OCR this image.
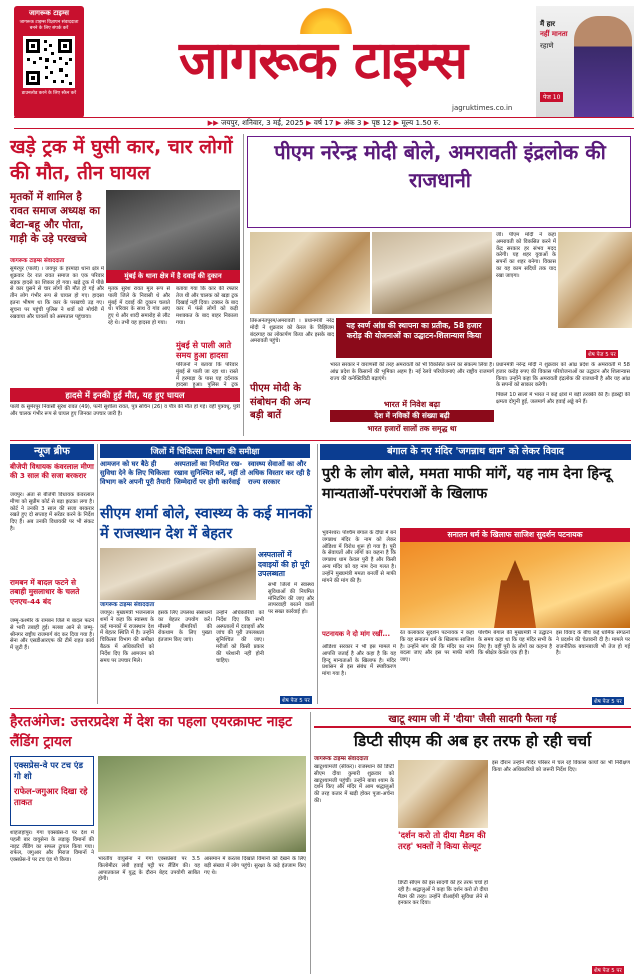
जागरूक टाइम्स
जागरूक टाइम्स विज्ञापन संवाददाता बनने के लिए संपर्क करें
डाउनलोड करने के लिए स्कैन करें
जागरूक टाइम्स
jagruktimes.co.in
मैं हार
नहीं मानता
रहाणे
पेज 10
▶▶ जयपुर, शनिवार, 3 मई, 2025 ▶ वर्ष 17 ▶ अंक 3 ▶ पृष्ठ 12 ▶ मूल्य 1.50 रु.
खड़े ट्रक में घुसी कार, चार लोगों की मौत, तीन घायल
मृतकों में शामिल है रावत समाज अध्यक्ष का बेटा-बहू और पोता, गाड़ी के उड़े परखच्चे
मुंबई के थाना क्षेत्र में है दवाई की दुकान
जागरूक टाइम्स संवाददाता
सुमेरपुर (पाली) । जयपुर के हरमाड़ा थाना क्षेत्र में शुक्रवार देर रात रावत समाज का एक परिवार सड़क हादसे का शिकार हो गया। खड़े ट्रक में पीछे से कार घुसने से चार लोगों की मौत हो गई और तीन लोग गंभीर रूप से घायल हो गए। हादसा इतना भीषण था कि कार के परखच्चे उड़ गए। सूचना पर पहुंची पुलिस ने शवों को मोर्चरी में रखवाया और घायलों को अस्पताल पहुंचाया।
मृतक सुरेश रावत मूल रूप से पाली जिले के निवासी थे और मुंबई में दवाई की दुकान चलाते थे। परिवार के साथ वे गांव आए हुए थे और शादी समारोह से लौट रहे थे। तभी यह हादसा हो गया।
बताया गया कि कार की रफ्तार तेज थी और चालक को खड़ा ट्रक दिखाई नहीं दिया। टक्कर के बाद कार में फंसे लोगों को कड़ी मशक्कत के बाद बाहर निकाला गया।
मुंबई से पाली आते समय हुआ हादसा
परिजनों ने बताया कि परिवार मुंबई से पाली जा रहा था। रास्ते में हरमाड़ा के पास यह दर्दनाक हादसा हुआ। पुलिस ने ट्रक
हादसे में इनकी हुई मौत, यह हुए घायल
पाली के सुमेरपुर निवासी सुरेश रावत (49), पत्नी सुशीला रावत, पुत्र सचिन (26) व पौत्र की मौत हो गई। वहीं पुत्रवधू, पुत्री और चालक गंभीर रूप से घायल हुए जिनका उपचार जारी है।
पीएम नरेन्द्र मोदी बोले, अमरावती इंद्रलोक की राजधानी
जी। पीएम मोदी ने कहा अमरावती को विकसित करने में केंद्र सरकार हर संभव मदद करेगी। यह शहर युवाओं के सपनों का शहर बनेगा। विकास का यह काम सदियों तक याद रखा जाएगा।
तिरुअनंतपुरम/अमरावती । प्रधानमंत्री नरेंद्र मोदी ने शुक्रवार को केरल के विझिंजम बंदरगाह का लोकार्पण किया और इसके बाद अमरावती पहुंचे।
यह स्वर्ण आंध्र की स्थापना का प्रतीक, 58 हजार करोड़ की योजनाओं का उद्घाटन-शिलान्यास किया
पीएम मोदी के संबोधन की अन्य बड़ी बातें
भारत सरकार ने वाराणसी की तरह अमरावती को भी विकसित करने का संकल्प लिया है। आंध्र प्रदेश के किसानों की भूमिका अहम है। नई रेलवे परियोजनाएं और राष्ट्रीय राजमार्ग राज्य की कनेक्टिविटी बढ़ाएंगे।
प्रधानमंत्री नरेन्द्र मोदी ने शुक्रवार को आंध्र प्रदेश के अमरावती में 58 हजार करोड़ रुपए की विकास परियोजनाओं का उद्घाटन और शिलान्यास किया। उन्होंने कहा कि अमरावती इंद्रलोक की राजधानी है और यह आंध्र के सपनों को साकार करेगी।
शेष पेज 5 पर
भारत में निवेश बढ़ा
देश में नविकों की संख्या बढ़ी
भारत हजारों सालों तक समृद्ध था
पिछले 10 सालों में भारत ने कई क्षेत्रों में बड़ी तरक्की की है। इंडस्ट्री की क्षमता दोगुनी हुई, जलमार्ग और हवाई अड्डे बने हैं।
न्यूज ब्रीफ
बीजेपी विधायक कंवरलाल मीणा की 3 साल की सजा बरकरार
जयपुर। अंता से बीजेपी विधायक कंवरलाल मीणा को सुप्रीम कोर्ट से बड़ा झटका लगा है। कोर्ट ने उनकी 3 साल की सजा बरकरार रखते हुए दो सप्ताह में सरेंडर करने के निर्देश दिए हैं। अब उनकी विधायकी पर भी संकट है।
रामबन में बादल फटने से तबाही मुसलाधार के चलते एनएच-44 बंद
जम्मू-कश्मीर के रामबन जिले में बादल फटने से भारी तबाही हुई। मलबा आने से जम्मू-श्रीनगर राष्ट्रीय राजमार्ग बंद कर दिया गया है। सेना और एसडीआरएफ की टीमें राहत कार्य में जुटी हैं।
जिलों में चिकित्सा विभाग की समीक्षा
आमजन को घर बैठे ही सुविधा देने के लिए चिकित्सा विभाग करे अपनी पूरी तैयारी
अस्पतालों का नियमित रख-रखाव सुनिश्चित करें, नहीं तो जिम्मेदारों पर होगी कार्रवाई
स्वास्थ्य सेवाओं का और अधिक विस्तार कर रही है राज्य सरकार
सीएम शर्मा बोले, स्वास्थ्य के कई मानकों में राजस्थान देश में बेहतर
जागरूक टाइम्स संवाददाता
जयपुर। मुख्यमंत्री भजनलाल शर्मा ने कहा कि स्वास्थ्य के कई मानकों में राजस्थान देश में बेहतर स्थिति में है। उन्होंने चिकित्सा विभाग की समीक्षा बैठक में अधिकारियों को निर्देश दिए कि आमजन को समय पर उपचार मिले।
इसके लिए उपलब्ध संसाधनों का बेहतर उपयोग करें। मौसमी बीमारियों की रोकथाम के लिए पुख्ता इंतजाम किए जाएं।
अस्पतालों में दवाइयों की हो पूरी उपलब्धता
उन्होंने अधिकारियों को निर्देश दिए कि सभी अस्पतालों में दवाइयों और जांच की पूरी उपलब्धता सुनिश्चित की जाए। मरीजों को किसी प्रकार की परेशानी नहीं होनी चाहिए।
सभी जिलों में स्वास्थ्य सुविधाओं की नियमित मॉनिटरिंग की जाए और लापरवाही बरतने वालों पर सख्त कार्रवाई हो।
शेष पेज 5 पर
बंगाल के नए मंदिर 'जगन्नाथ धाम' को लेकर विवाद
पुरी के लोग बोले, ममता माफी मांगें, यह नाम देना हिन्दू मान्यताओं-परंपराओं के खिलाफ
भुवनेश्वर। पश्चिम बंगाल के दीघा में बने जगन्नाथ मंदिर के नाम को लेकर ओडिशा में विरोध शुरू हो गया है। पुरी के सेवायतों और लोगों का कहना है कि जगन्नाथ धाम केवल पुरी है और किसी अन्य मंदिर को यह नाम देना गलत है। उन्होंने मुख्यमंत्री ममता बनर्जी से माफी मांगने की मांग की है।
ओडिशा सरकार ने भी इस मामले में आपत्ति जताई है और कहा है कि यह हिन्दू मान्यताओं के खिलाफ है। मंदिर प्रशासन से इस संबंध में स्पष्टीकरण मांगा गया है।
सनातन धर्म के खिलाफ साजिश सुदर्शन पटनायक
पटनायक ने दो मांग रखीं...	रेत कलाकार सुदर्शन पटनायक ने कहा कि यह सनातन धर्म के खिलाफ साजिश है। उन्होंने मांग की कि मंदिर का नाम बदला जाए और इस पर माफी मांगी जाए।
पश्चिम बंगाल की मुख्यमंत्री ने उद्घाटन के समय कहा था कि यह मंदिर सभी के लिए है। वहीं पुरी के लोगों का कहना है कि श्रीक्षेत्र केवल एक ही है।
इस विवाद के बीच कई धार्मिक संगठनों ने प्रदर्शन की चेतावनी दी है। मामले पर राजनीतिक बयानबाजी भी तेज हो गई है।
शेष पेज 5 पर
हैरतअंगेज: उत्तरप्रदेश में देश का पहला एयरक्राफ्ट नाइट लैंडिंग ट्रायल
एक्सप्रेस-वे पर टच एंड गो शो
राफेल-जगुआर दिखा रहे ताकत
शाहजहांपुर। गंगा एक्सप्रेस-वे पर देश में पहली बार वायुसेना के लड़ाकू विमानों की नाइट लैंडिंग का सफल ट्रायल किया गया। राफेल, जगुआर और मिराज विमानों ने एक्सप्रेस-वे पर टच एंड गो किया।	भारतीय वायुसेना ने गंगा एक्सप्रेसवे पर 3.5 किलोमीटर लंबी हवाई पट्टी पर लैंडिंग की। यह आपातकाल में युद्ध के दौरान बेहद उपयोगी साबित होगी।
आसमान में करतब दिखाते विमानों को देखने के लिए बड़ी संख्या में लोग पहुंचे। सुरक्षा के कड़े इंतजाम किए गए थे।
खाटू श्याम जी में 'दीया' जैसी सादगी फैला गई
डिप्टी सीएम की अब हर तरफ हो रही चर्चा
जागरूक टाइम्स संवाददाता
खाटूश्यामजी (सीकर)। राजस्थान की डिप्टी सीएम दीया कुमारी शुक्रवार को खाटूश्यामजी पहुंचीं। उन्होंने बाबा श्याम के दर्शन किए और मंदिर में आम श्रद्धालुओं की तरह कतार में खड़ी होकर पूजा-अर्चना की।
'दर्शन करो तो दीया मैडम की तरह' भक्तों ने किया सेल्यूट
डिप्टी सीएम की इस सादगी की हर तरफ चर्चा हो रही है। श्रद्धालुओं ने कहा कि दर्शन करो तो दीया मैडम की तरह। उन्होंने वीआईपी सुविधा लेने से इनकार कर दिया।
इस दौरान उन्होंने मंदिर परिसर में चल रहे विकास कार्यों का भी निरीक्षण किया और अधिकारियों को जरूरी निर्देश दिए।
शेष पेज 5 पर
